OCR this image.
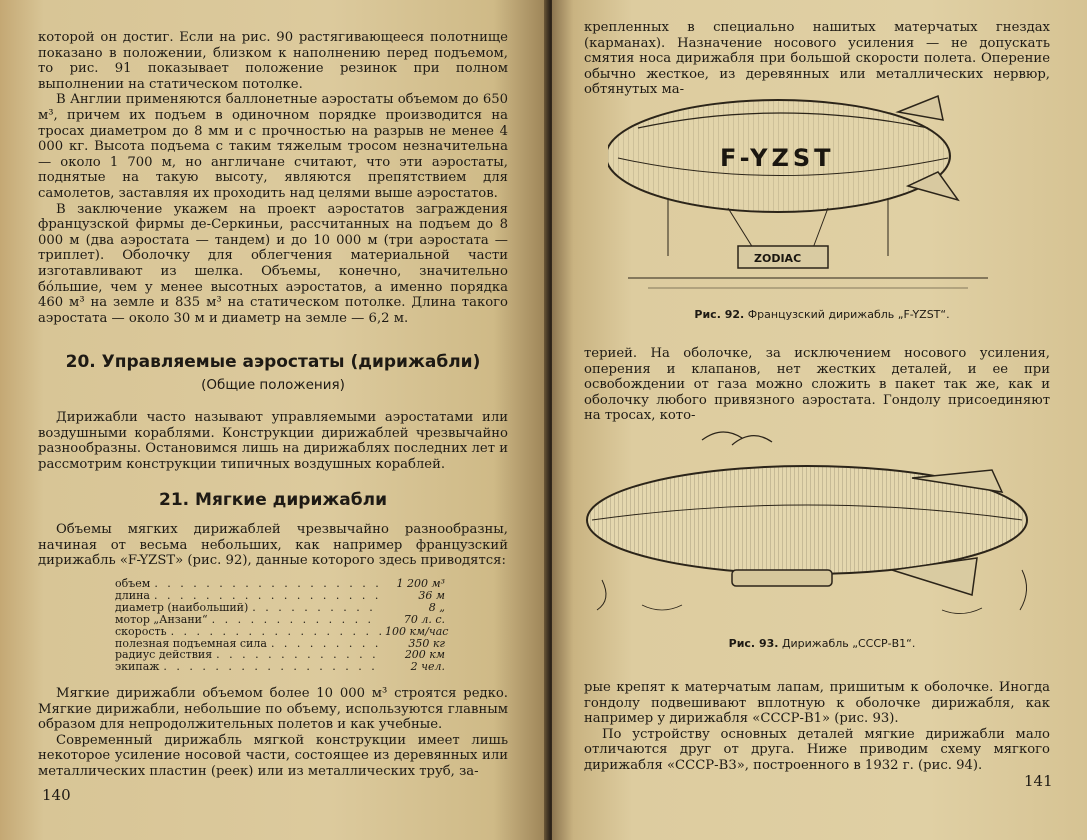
которой он достиг. Если на рис. 90 растягивающееся полотнище показано в положении, близком к наполнению перед подъемом, то рис. 91 показывает положение резинок при полном выполнении на статическом потолке.

В Англии применяются баллонетные аэростаты объемом до 650 м³, причем их подъем в одиночном порядке производится на тросах диаметром до 8 мм и с прочностью на разрыв не менее 4 000 кг. Высота подъема с таким тяжелым тросом незначительна — около 1 700 м, но англичане считают, что эти аэростаты, поднятые на такую высоту, являются препятствием для самолетов, заставляя их проходить над целями выше аэростатов.

В заключение укажем на проект аэростатов заграждения французской фирмы де-Серкиньи, рассчитанных на подъем до 8 000 м (два аэростата — тандем) и до 10 000 м (три аэростата — триплет). Оболочку для облегчения материальной части изготавливают из шелка. Объемы, конечно, значительно бóльшие, чем у менее высотных аэростатов, а именно порядка 460 м³ на земле и 835 м³ на статическом потолке. Длина такого аэростата — около 30 м и диаметр на земле — 6,2 м.

20. Управляемые аэростаты (дирижабли)
(Общие положения)

Дирижабли часто называют управляемыми аэростатами или воздушными кораблями. Конструкции дирижаблей чрезвычайно разнообразны. Остановимся лишь на дирижаблях последних лет и рассмотрим конструкции типичных воздушных кораблей.

21. Мягкие дирижабли

Объемы мягких дирижаблей чрезвычайно разнообразны, начиная от весьма небольших, как например французский дирижабль «F-YZST» (рис. 92), данные которого здесь приводятся:

объем . . .	1 200 м³
длина . . .	36 м
диаметр (наибольший) . . .	8 „
мотор „Анзани“ . . .	70 л. с.
скорость . . .	100 км/час
полезная подъемная сила . . .	350 кг
радиус действия . . .	200 км
экипаж . . .	2 чел.

Мягкие дирижабли объемом более 10 000 м³ строятся редко. Мягкие дирижабли, небольшие по объему, используются главным образом для непродолжительных полетов и как учебные.

Современный дирижабль мягкой конструкции имеет лишь некоторое усиление носовой части, состоящее из деревянных или металлических пластин (реек) или из металлических труб, за-

140

крепленных в специально нашитых матерчатых гнездах (карманах). Назначение носового усиления — не допускать смятия носа дирижабля при большой скорости полета. Оперение обычно жесткое, из деревянных или металлических нервюр, обтянутых ма-

F-YZST
ZODIAC
Рис. 92. Французский дирижабль „F-YZST“.

терией. На оболочке, за исключением носового усиления, оперения и клапанов, нет жестких деталей, и ее при освобождении от газа можно сложить в пакет так же, как и оболочку любого привязного аэростата. Гондолу присоединяют на тросах, кото-

Рис. 93. Дирижабль „СССР-В1“.

рые крепят к матерчатым лапам, пришитым к оболочке. Иногда гондолу подвешивают вплотную к оболочке дирижабля, как например у дирижабля «СССР-В1» (рис. 93).

По устройству основных деталей мягкие дирижабли мало отличаются друг от друга. Ниже приводим схему мягкого дирижабля «СССР-В3», построенного в 1932 г. (рис. 94).

141
